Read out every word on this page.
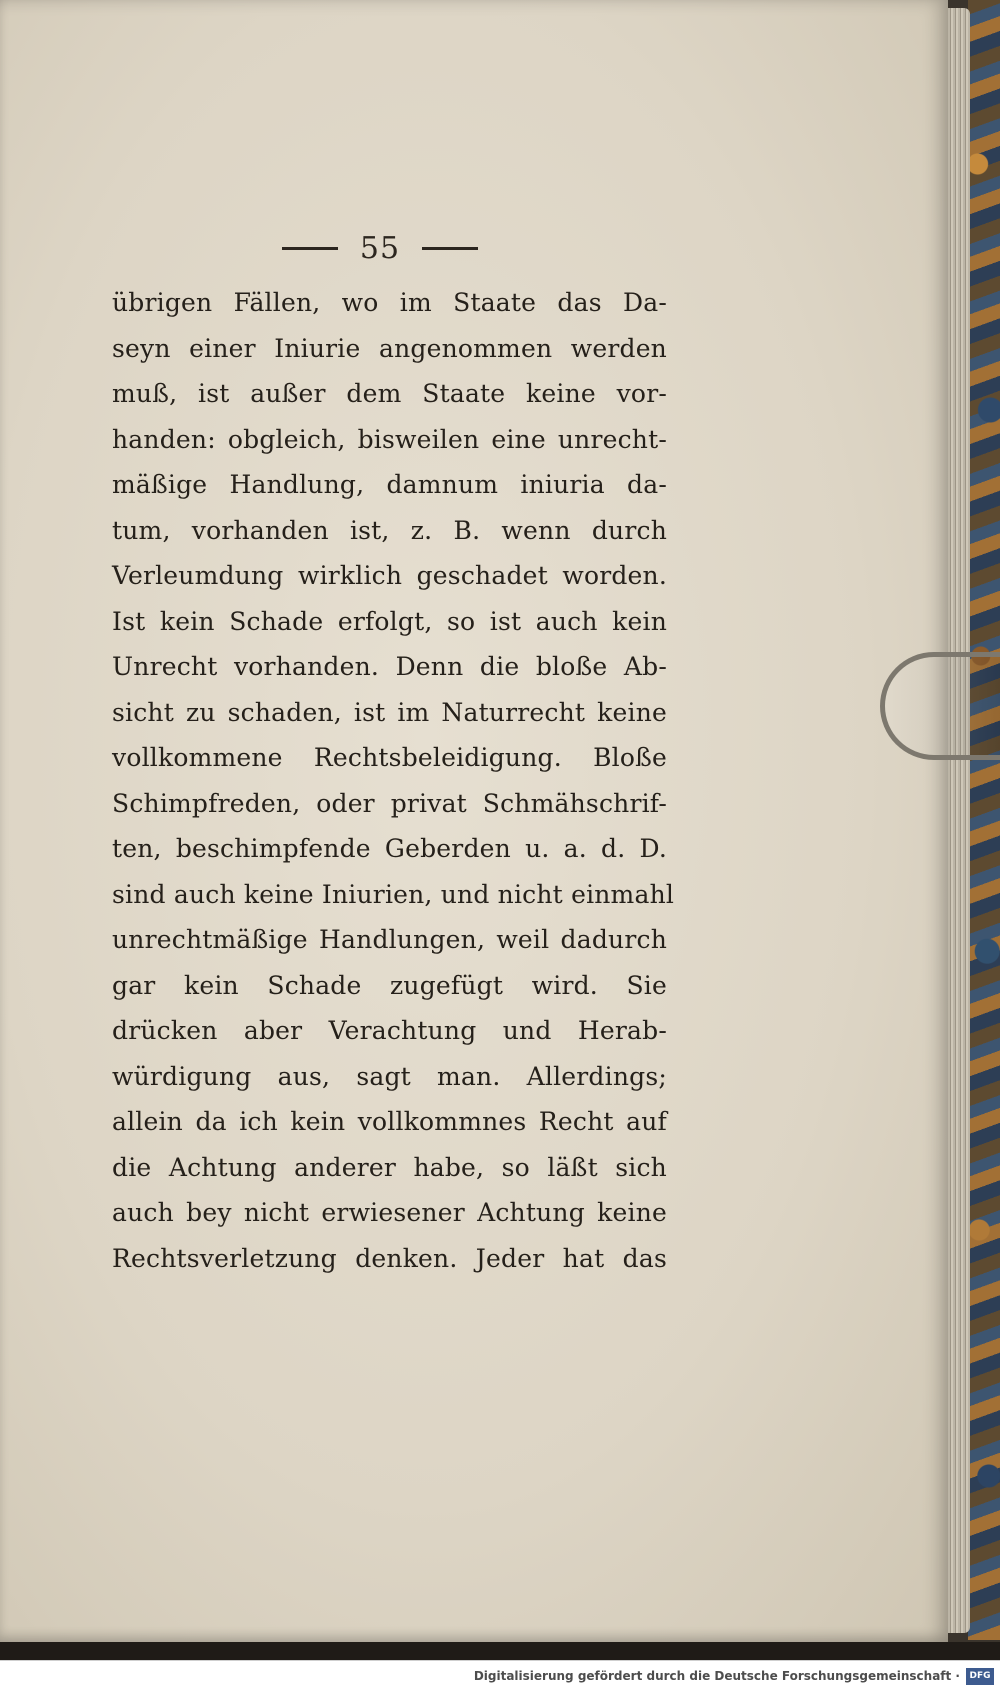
55
übrigen Fällen, wo im Staate das Da-
seyn einer Iniurie angenommen werden
muß, ist außer dem Staate keine vor-
handen: obgleich, bisweilen eine unrecht-
mäßige Handlung, damnum iniuria da-
tum, vorhanden ist, z. B. wenn durch
Verleumdung wirklich geschadet worden.
Ist kein Schade erfolgt, so ist auch kein
Unrecht vorhanden. Denn die bloße Ab-
sicht zu schaden, ist im Naturrecht keine
vollkommene Rechtsbeleidigung. Bloße
Schimpfreden, oder privat Schmähschrif-
ten, beschimpfende Geberden u. a. d. D.
sind auch keine Iniurien, und nicht einmahl
unrechtmäßige Handlungen, weil dadurch
gar kein Schade zugefügt wird. Sie
drücken aber Verachtung und Herab-
würdigung aus, sagt man. Allerdings;
allein da ich kein vollkommnes Recht auf
die Achtung anderer habe, so läßt sich
auch bey nicht erwiesener Achtung keine
Rechtsverletzung denken. Jeder hat das
Digitalisierung gefördert durch die Deutsche Forschungsgemeinschaft ·	DFG
